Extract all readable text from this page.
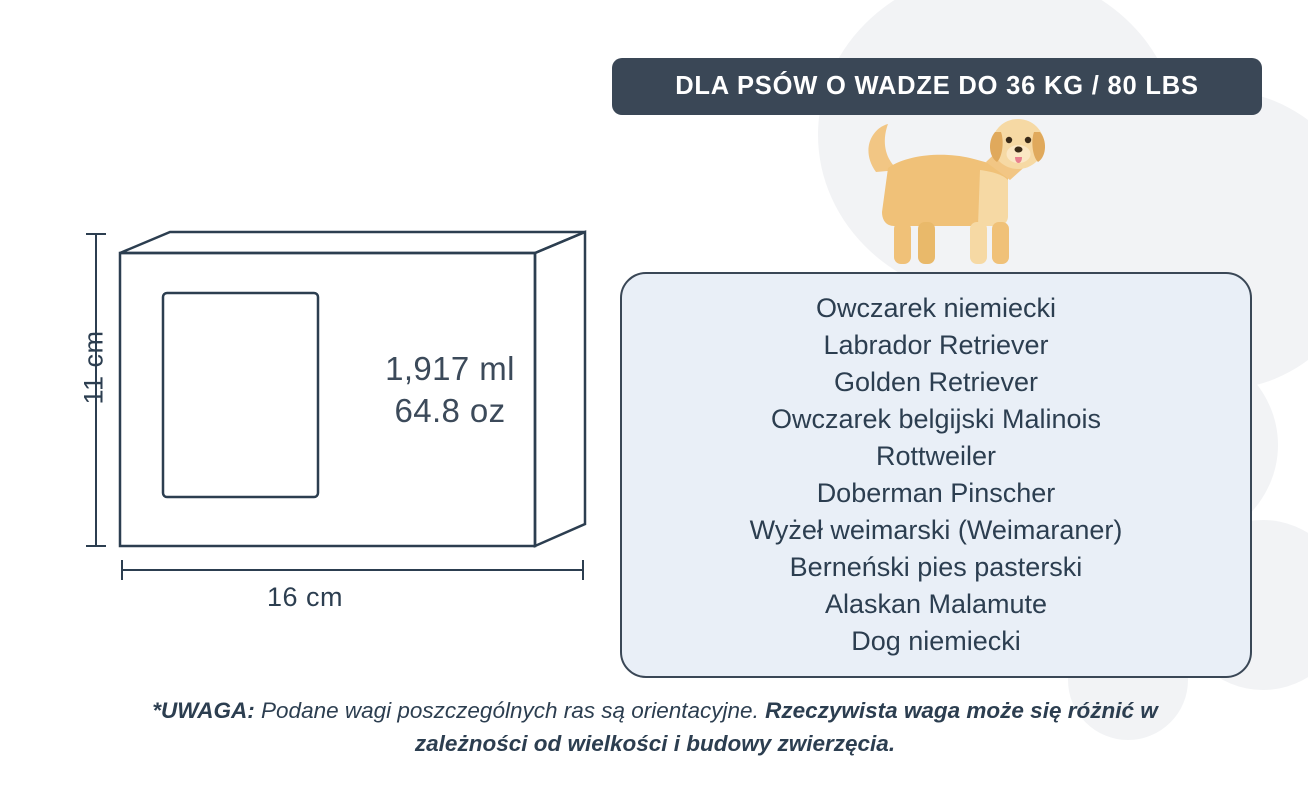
11 cm
16 cm
1,917 ml
64.8 oz
DLA PSÓW O WADZE DO 36 KG / 80 LBS
Owczarek niemiecki
Labrador Retriever
Golden Retriever
Owczarek belgijski Malinois
Rottweiler
Doberman Pinscher
Wyżeł weimarski (Weimaraner)
Berneński pies pasterski
Alaskan Malamute
Dog niemiecki
*UWAGA: Podane wagi poszczególnych ras są orientacyjne. Rzeczywista waga może się różnić w zależności od wielkości i budowy zwierzęcia.
